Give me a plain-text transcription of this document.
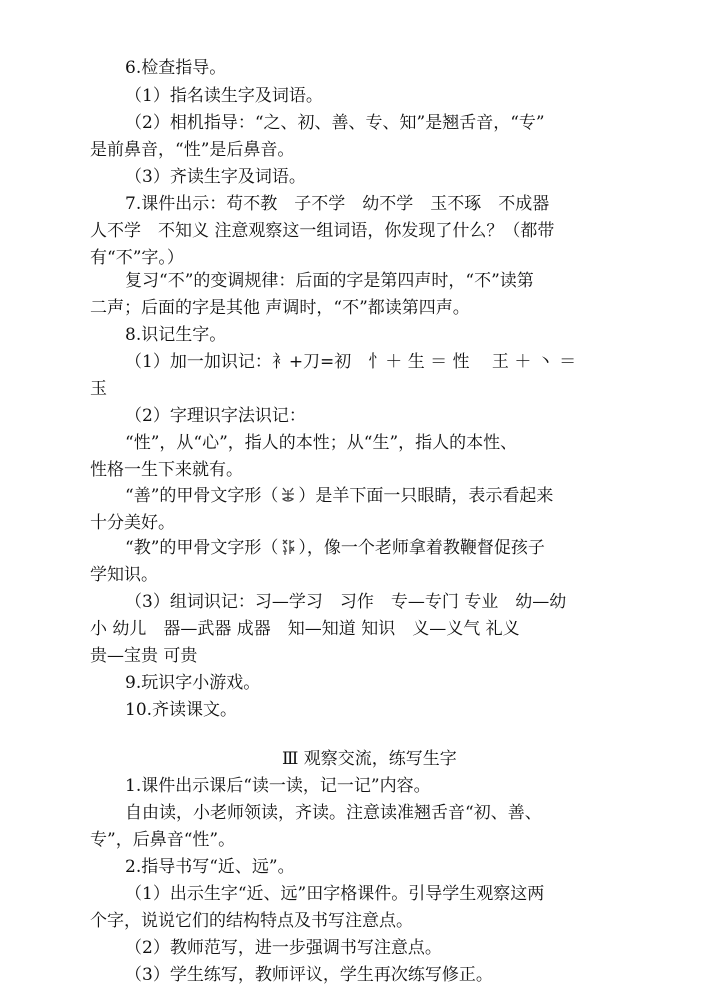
6.检查指导。
（1）指名读生字及词语。
（2）相机指导：“之、初、善、专、知”是翘舌音，“专”
是前鼻音，“性”是后鼻音。
（3）齐读生字及词语。
7.课件出示：苟不教　子不学　幼不学　玉不琢　不成器
人不学　不知义 注意观察这一组词语，你发现了什么？（都带
有“不”字。）
复习“不”的变调规律：后面的字是第四声时，“不”读第
二声；后面的字是其他 声调时，“不”都读第四声。
8.识记生字。
（1）加一加识记：衤+刀=初　忄＋ 生 ＝ 性　 王 ＋ 丶 ＝
玉
（2）字理识字法识记：
“性”，从“心”，指人的本性；从“生”，指人的本性、
性格一生下来就有。
“善”的甲骨文字形（ ）是羊下面一只眼睛，表示看起来
十分美好。
“教”的甲骨文字形（ ），像一个老师拿着教鞭督促孩子
学知识。
（3）组词识记：习—学习　习作　专—专门 专业　幼—幼
小 幼儿　器—武器 成器　知—知道 知识　义—义气 礼义
贵—宝贵 可贵
9.玩识字小游戏。
10.齐读课文。
Ⅲ 观察交流，练写生字
1.课件出示课后“读一读，记一记”内容。
自由读，小老师领读，齐读。注意读准翘舌音“初、善、
专”，后鼻音“性”。
2.指导书写“近、远”。
（1）出示生字“近、远”田字格课件。引导学生观察这两
个字，说说它们的结构特点及书写注意点。
（2）教师范写，进一步强调书写注意点。
（3）学生练写，教师评议，学生再次练写修正。
